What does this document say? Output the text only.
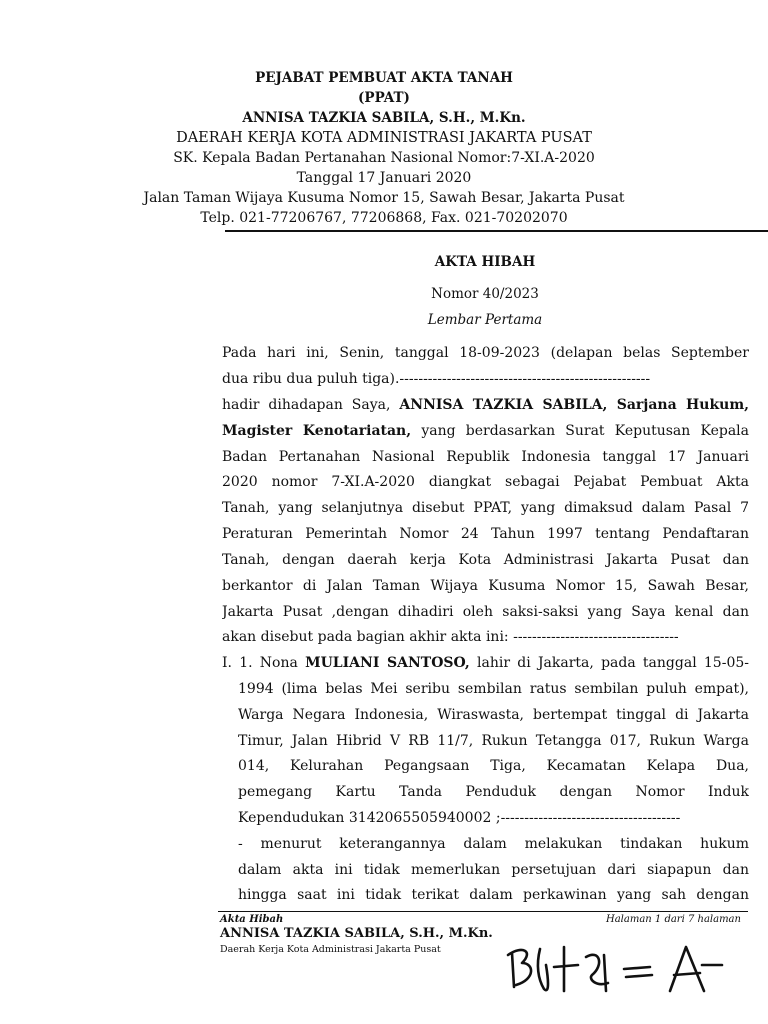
PEJABAT PEMBUAT AKTA TANAH
(PPAT)
ANNISA TAZKIA SABILA, S.H., M.Kn.
DAERAH KERJA KOTA ADMINISTRASI JAKARTA PUSAT
SK. Kepala Badan Pertanahan Nasional Nomor:7-XI.A-2020
Tanggal 17 Januari 2020
Jalan Taman Wijaya Kusuma Nomor 15, Sawah Besar, Jakarta Pusat
Telp. 021-77206767, 77206868, Fax. 021-70202070
AKTA HIBAH
Nomor 40/2023
Lembar Pertama
Pada hari ini, Senin, tanggal 18-09-2023 (delapan belas September
dua ribu dua puluh tiga).-----------------------------------------------------
hadir dihadapan Saya, ANNISA TAZKIA SABILA, Sarjana Hukum,
Magister Kenotariatan, yang berdasarkan Surat Keputusan Kepala
Badan Pertanahan Nasional Republik Indonesia tanggal 17 Januari
2020 nomor 7-XI.A-2020 diangkat sebagai Pejabat Pembuat Akta
Tanah, yang selanjutnya disebut PPAT, yang dimaksud dalam Pasal 7
Peraturan Pemerintah Nomor 24 Tahun 1997 tentang Pendaftaran
Tanah, dengan daerah kerja Kota Administrasi Jakarta Pusat dan
berkantor di Jalan Taman Wijaya Kusuma Nomor 15, Sawah Besar,
Jakarta Pusat ,dengan dihadiri oleh saksi-saksi yang Saya kenal dan
akan disebut pada bagian akhir akta ini: -----------------------------------
I. 1. Nona MULIANI SANTOSO, lahir di Jakarta, pada tanggal 15-05-
1994 (lima belas Mei seribu sembilan ratus sembilan puluh empat),
Warga Negara Indonesia, Wiraswasta, bertempat tinggal di Jakarta
Timur, Jalan Hibrid V RB 11/7, Rukun Tetangga 017, Rukun Warga
014, Kelurahan Pegangsaan Tiga, Kecamatan Kelapa Dua,
pemegang Kartu Tanda Penduduk dengan Nomor Induk
Kependudukan 3142065505940002 ;--------------------------------------
- menurut keterangannya dalam melakukan tindakan hukum
dalam akta ini tidak memerlukan persetujuan dari siapapun dan
hingga saat ini tidak terikat dalam perkawinan yang sah dengan
Akta Hibah	Halaman 1 dari 7 halaman
ANNISA TAZKIA SABILA, S.H., M.Kn.
Daerah Kerja Kota Administrasi Jakarta Pusat
